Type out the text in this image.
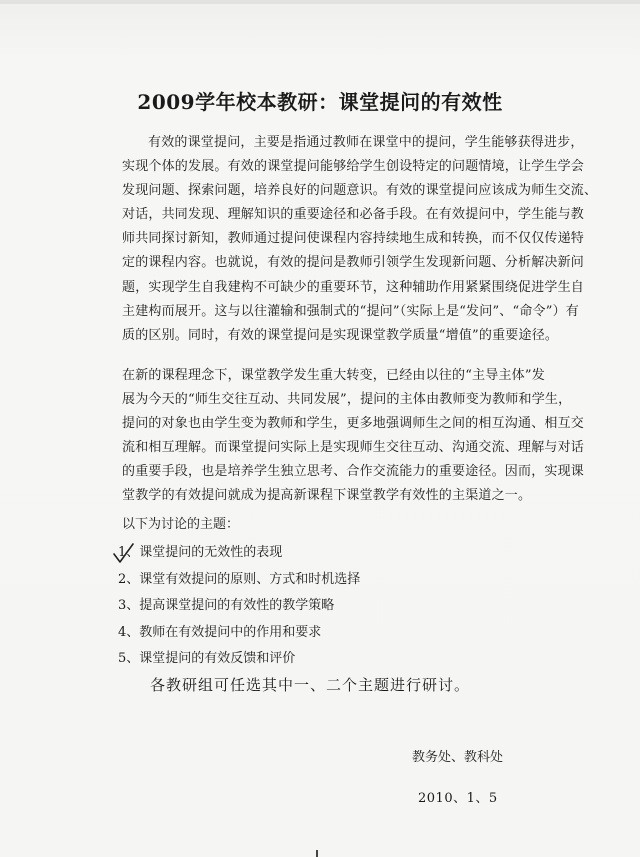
2009学年校本教研：课堂提问的有效性
有效的课堂提问，主要是指通过教师在课堂中的提问，学生能够获得进步，
实现个体的发展。有效的课堂提问能够给学生创设特定的问题情境，让学生学会
发现问题、探索问题，培养良好的问题意识。有效的课堂提问应该成为师生交流、
对话，共同发现、理解知识的重要途径和必备手段。在有效提问中，学生能与教
师共同探讨新知，教师通过提问使课程内容持续地生成和转换，而不仅仅传递特
定的课程内容。也就说，有效的提问是教师引领学生发现新问题、分析解决新问
题，实现学生自我建构不可缺少的重要环节，这种辅助作用紧紧围绕促进学生自
主建构而展开。这与以往灌输和强制式的“提问”（实际上是“发问”、“命令”）有
质的区别。同时，有效的课堂提问是实现课堂教学质量“增值”的重要途径。
在新的课程理念下，课堂教学发生重大转变，已经由以往的“主导主体”发
展为今天的“师生交往互动、共同发展”，提问的主体由教师变为教师和学生，
提问的对象也由学生变为教师和学生，更多地强调师生之间的相互沟通、相互交
流和相互理解。而课堂提问实际上是实现师生交往互动、沟通交流、理解与对话
的重要手段，也是培养学生独立思考、合作交流能力的重要途径。因而，实现课
堂教学的有效提问就成为提高新课程下课堂教学有效性的主渠道之一。
以下为讨论的主题：
1、课堂提问的无效性的表现
2、课堂有效提问的原则、方式和时机选择
3、提高课堂提问的有效性的教学策略
4、教师在有效提问中的作用和要求
5、课堂提问的有效反馈和评价
各教研组可任选其中一、二个主题进行研讨。
教务处、教科处
2010、1、5
